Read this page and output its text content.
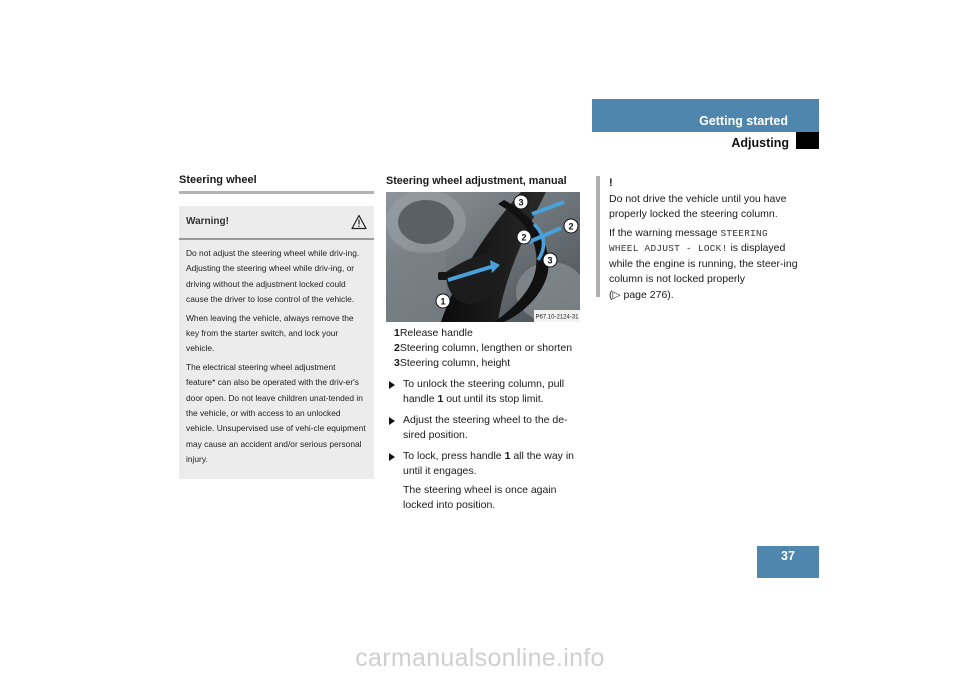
Getting started
Adjusting
37
Steering wheel
Warning!

Do not adjust the steering wheel while driv-ing. Adjusting the steering wheel while driv-ing, or driving without the adjustment locked could cause the driver to lose control of the vehicle.

When leaving the vehicle, always remove the key from the starter switch, and lock your vehicle.

The electrical steering wheel adjustment feature* can also be operated with the driv-er's door open. Do not leave children unat-tended in the vehicle, or with access to an unlocked vehicle. Unsupervised use of vehi-cle equipment may cause an accident and/or serious personal injury.

Steering wheel adjustment, manual
3
2
2
3
1
P67.10-2124-31
1Release handle
2Steering column, lengthen or shorten
3Steering column, height

To unlock the steering column, pull handle 1 out until its stop limit.

Adjust the steering wheel to the de-sired position.

To lock, press handle 1 all the way in until it engages.

The steering wheel is once again locked into position.

!

Do not drive the vehicle until you have properly locked the steering column.

If the warning message STEERING WHEEL ADJUST - LOCK! is displayed while the engine is running, the steer-ing column is not locked properly
(▷ page 276).

carmanualsonline.info
